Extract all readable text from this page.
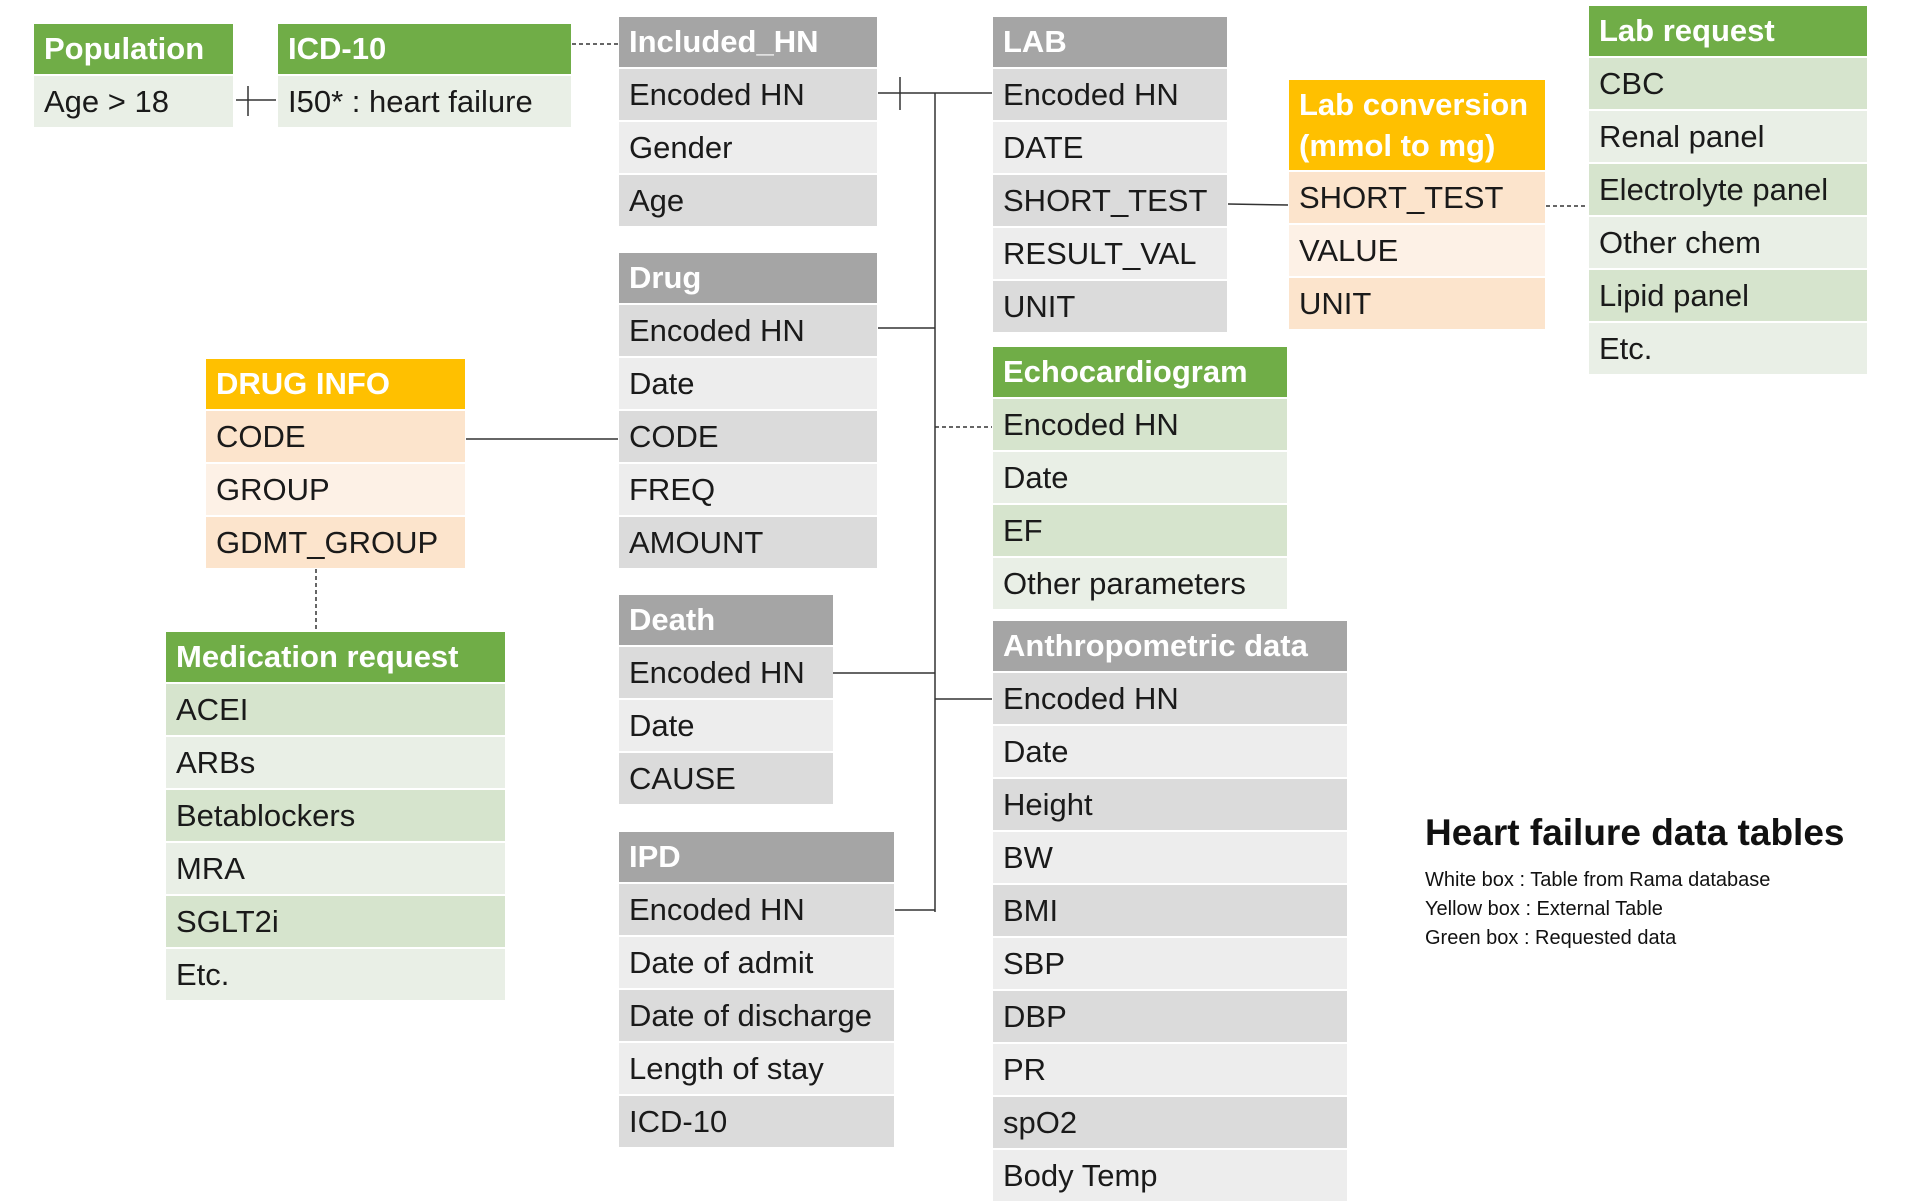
Population
Age > 18
ICD-10
I50* : heart failure
Included_HN
Encoded HN
Gender
Age
Drug
Encoded HN
Date
CODE
FREQ
AMOUNT
DRUG INFO
CODE
GROUP
GDMT_GROUP
Medication request
ACEI
ARBs
Betablockers
MRA
SGLT2i
Etc.
Death
Encoded HN
Date
CAUSE
IPD
Encoded HN
Date of admit
Date of discharge
Length of stay
ICD-10
LAB
Encoded HN
DATE
SHORT_TEST
RESULT_VAL
UNIT
Lab conversion
(mmol to mg)
SHORT_TEST
VALUE
UNIT
Lab request
CBC
Renal panel
Electrolyte panel
Other chem
Lipid panel
Etc.
Echocardiogram
Encoded HN
Date
EF
Other parameters
Anthropometric data
Encoded HN
Date
Height
BW
BMI
SBP
DBP
PR
spO2
Body Temp
Heart failure data tables
White box : Table from Rama database
Yellow box : External Table
Green box : Requested data
